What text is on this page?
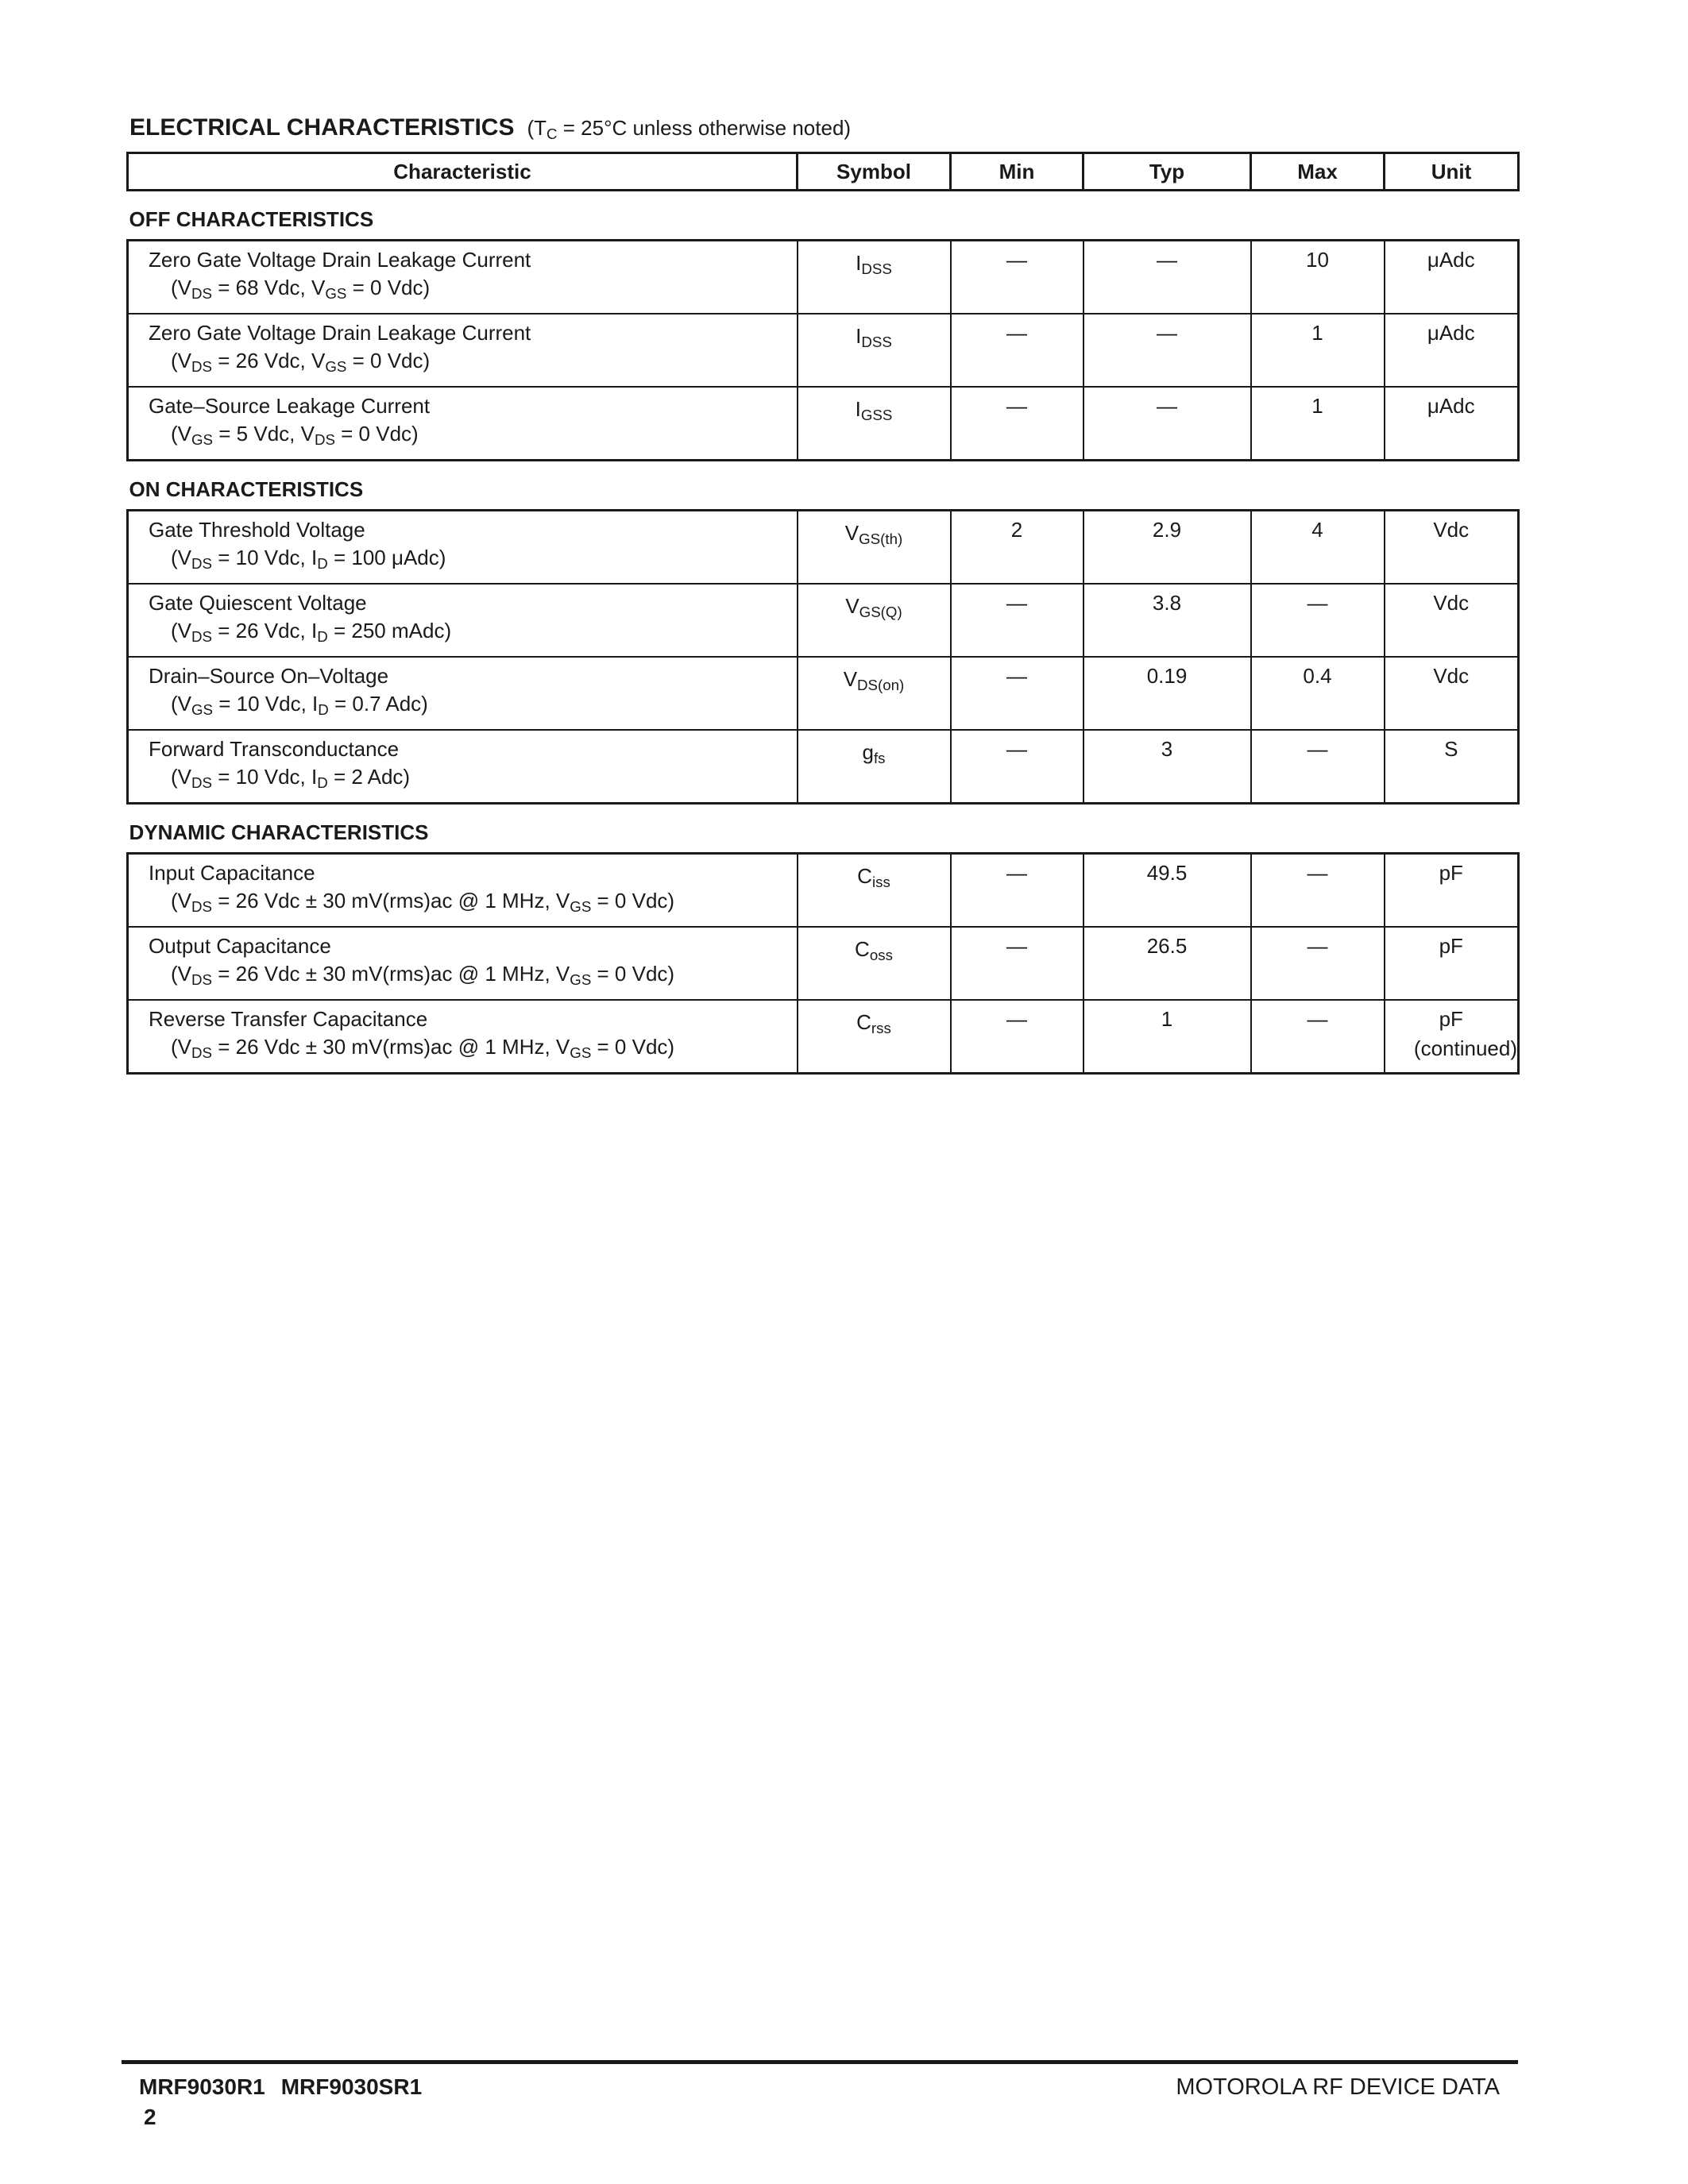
ELECTRICAL CHARACTERISTICS ($T_C = 25^\circ C$ unless otherwise noted)
Characteristic	Symbol	Min	Typ	Max	Unit
OFF CHARACTERISTICS					
Zero Gate Voltage Drain Leakage Current
($V_{DS} = 68$ Vdc, $V_{GS} = 0$ Vdc)	$I_{DSS}$	—	—	10	μAdc
Zero Gate Voltage Drain Leakage Current
($V_{DS} = 26$ Vdc, $V_{GS} = 0$ Vdc)	$I_{DSS}$	—	—	1	μAdc
Gate–Source Leakage Current
($V_{GS} = 5$ Vdc, $V_{DS} = 0$ Vdc)	$I_{GSS}$	—	—	1	μAdc
ON CHARACTERISTICS					
Gate Threshold Voltage
($V_{DS} = 10$ Vdc, $I_D = 100$ μAdc)	$V_{GS(th)}$	2	2.9	4	Vdc
Gate Quiescent Voltage
($V_{DS} = 26$ Vdc, $I_D = 250$ mAdc)	$V_{GS(Q)}$	—	3.8	—	Vdc
Drain–Source On–Voltage
($V_{GS} = 10$ Vdc, $I_D = 0.7$ Adc)	$V_{DS(on)}$	—	0.19	0.4	Vdc
Forward Transconductance
($V_{DS} = 10$ Vdc, $I_D = 2$ Adc)	$g_{fs}$	—	3	—	S
DYNAMIC CHARACTERISTICS					
Input Capacitance
($V_{DS} = 26$ Vdc ± 30 mV(rms)ac @ 1 MHz, $V_{GS} = 0$ Vdc)	$C_{iss}$	—	49.5	—	pF
Output Capacitance
($V_{DS} = 26$ Vdc ± 30 mV(rms)ac @ 1 MHz, $V_{GS} = 0$ Vdc)	$C_{oss}$	—	26.5	—	pF
Reverse Transfer Capacitance
($V_{DS} = 26$ Vdc ± 30 mV(rms)ac @ 1 MHz, $V_{GS} = 0$ Vdc)	$C_{rss}$	—	1	—	pF
(continued)
MRF9030R1 MRF9030SR1
2
MOTOROLA RF DEVICE DATA
